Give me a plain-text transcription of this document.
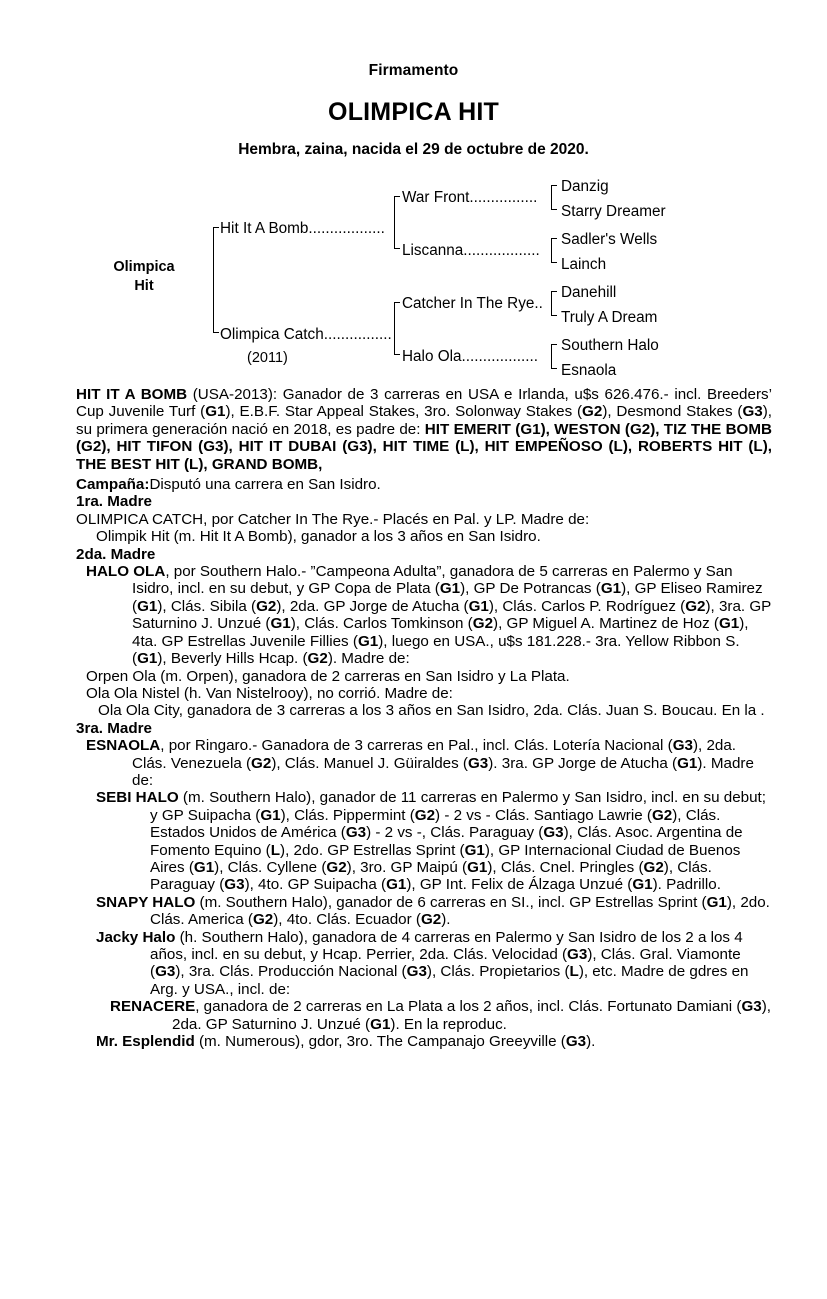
Firmamento
OLIMPICA HIT
Hembra, zaina, nacida el 29 de octubre de 2020.
Olimpica
Hit
Hit It A Bomb..................
Olimpica Catch................
(2011)
War Front................
Liscanna..................
Catcher In The Rye..
Halo Ola..................
Danzig
Starry Dreamer
Sadler's Wells
Lainch
Danehill
Truly A Dream
Southern Halo
Esnaola

HIT IT A BOMB (USA-2013): Ganador de 3 carreras en USA e Irlanda, u$s 626.476.- incl. Breeders’ Cup Juvenile Turf (G1), E.B.F. Star Appeal Stakes, 3ro. Solonway Stakes (G2), Desmond Stakes (G3), su primera generación nació en 2018, es padre de: HIT EMERIT (G1), WESTON (G2), TIZ THE BOMB (G2), HIT TIFON (G3), HIT IT DUBAI (G3), HIT TIME (L), HIT EMPEÑOSO (L), ROBERTS HIT (L), THE BEST HIT (L), GRAND BOMB,

Campaña:Disputó una carrera en San Isidro.

1ra. Madre

OLIMPICA CATCH, por Catcher In The Rye.- Placés en Pal. y LP. Madre de:

Olimpik Hit (m. Hit It A Bomb), ganador a los 3 años en San Isidro.

2da. Madre

HALO OLA, por Southern Halo.- ”Campeona Adulta”, ganadora de 5 carreras en Palermo y San Isidro, incl. en su debut, y GP Copa de Plata (G1), GP De Potrancas (G1), GP Eliseo Ramirez (G1), Clás. Sibila (G2), 2da. GP Jorge de Atucha (G1), Clás. Carlos P. Rodríguez (G2), 3ra. GP Saturnino J. Unzué (G1), Clás. Carlos Tomkinson (G2), GP Miguel A. Martinez de Hoz (G1), 4ta. GP Estrellas Juvenile Fillies (G1), luego en USA., u$s 181.228.- 3ra. Yellow Ribbon S. (G1), Beverly Hills Hcap. (G2). Madre de:

Orpen Ola (m. Orpen), ganadora de 2 carreras en San Isidro y La Plata.

Ola Ola Nistel (h. Van Nistelrooy), no corrió. Madre de:

Ola Ola City, ganadora de 3 carreras a los 3 años en San Isidro, 2da. Clás. Juan S. Boucau. En la .

3ra. Madre

ESNAOLA, por Ringaro.- Ganadora de 3 carreras en Pal., incl. Clás. Lotería Nacional (G3), 2da. Clás. Venezuela (G2), Clás. Manuel J. Güiraldes (G3). 3ra. GP Jorge de Atucha (G1). Madre de:

SEBI HALO (m. Southern Halo), ganador de 11 carreras en Palermo y San Isidro, incl. en su debut; y GP Suipacha (G1), Clás. Pippermint (G2) - 2 vs - Clás. Santiago Lawrie (G2), Clás. Estados Unidos de América (G3) - 2 vs -, Clás. Paraguay (G3), Clás. Asoc. Argentina de Fomento Equino (L), 2do. GP Estrellas Sprint (G1), GP Internacional Ciudad de Buenos Aires (G1), Clás. Cyllene (G2), 3ro. GP Maipú (G1), Clás. Cnel. Pringles (G2), Clás. Paraguay (G3), 4to. GP Suipacha (G1), GP Int. Felix de Álzaga Unzué (G1). Padrillo.

SNAPY HALO (m. Southern Halo), ganador de 6 carreras en SI., incl. GP Estrellas Sprint (G1), 2do. Clás. America (G2), 4to. Clás. Ecuador (G2).

Jacky Halo (h. Southern Halo), ganadora de 4 carreras en Palermo y San Isidro de los 2 a los 4 años, incl. en su debut, y Hcap. Perrier, 2da. Clás. Velocidad (G3), Clás. Gral. Viamonte (G3), 3ra. Clás. Producción Nacional (G3), Clás. Propietarios (L), etc. Madre de gdres en Arg. y USA., incl. de:

RENACERE, ganadora de 2 carreras en La Plata a los 2 años, incl. Clás. Fortunato Damiani (G3), 2da. GP Saturnino J. Unzué (G1). En la reproduc.

Mr. Esplendid (m. Numerous), gdor, 3ro. The Campanajo Greeyville (G3).
